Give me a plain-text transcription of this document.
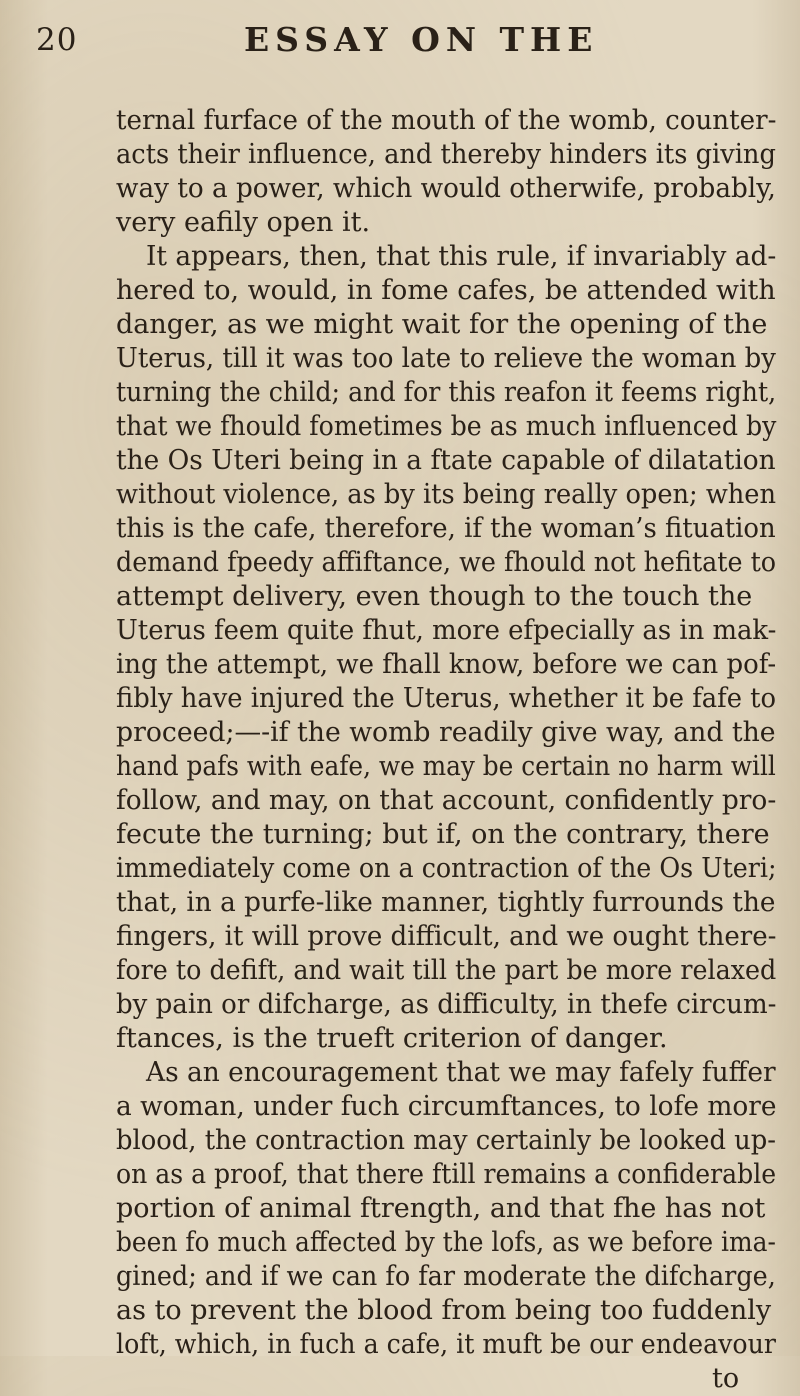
20	ESSAY ON THE
ternal furface of the mouth of the womb, counter-
acts their influence, and thereby hinders its giving
way to a power, which would otherwife, probably,
very eafily open it.
It appears, then, that this rule, if invariably ad-
hered to, would, in fome cafes, be attended with
danger, as we might wait for the opening of the
Uterus, till it was too late to relieve the woman by
turning the child; and for this reafon it feems right,
that we fhould fometimes be as much influenced by
the Os Uteri being in a ftate capable of dilatation
without violence, as by its being really open; when
this is the cafe, therefore, if the woman’s fituation
demand fpeedy affiftance, we fhould not hefitate to
attempt delivery, even though to the touch the
Uterus feem quite fhut, more efpecially as in mak-
ing the attempt, we fhall know, before we can pof-
fibly have injured the Uterus, whether it be fafe to
proceed;—-if the womb readily give way, and the
hand pafs with eafe, we may be certain no harm will
follow, and may, on that account, confidently pro-
fecute the turning; but if, on the contrary, there
immediately come on a contraction of the Os Uteri;
that, in a purfe-like manner, tightly furrounds the
fingers, it will prove difficult, and we ought there-
fore to defift, and wait till the part be more relaxed
by pain or difcharge, as difficulty, in thefe circum-
ftances, is the trueft criterion of danger.
As an encouragement that we may fafely fuffer
a woman, under fuch circumftances, to lofe more
blood, the contraction may certainly be looked up-
on as a proof, that there ftill remains a confiderable
portion of animal ftrength, and that fhe has not
been fo much affected by the lofs, as we before ima-
gined; and if we can fo far moderate the difcharge,
as to prevent the blood from being too fuddenly
loft, which, in fuch a cafe, it muft be our endeavour
to
